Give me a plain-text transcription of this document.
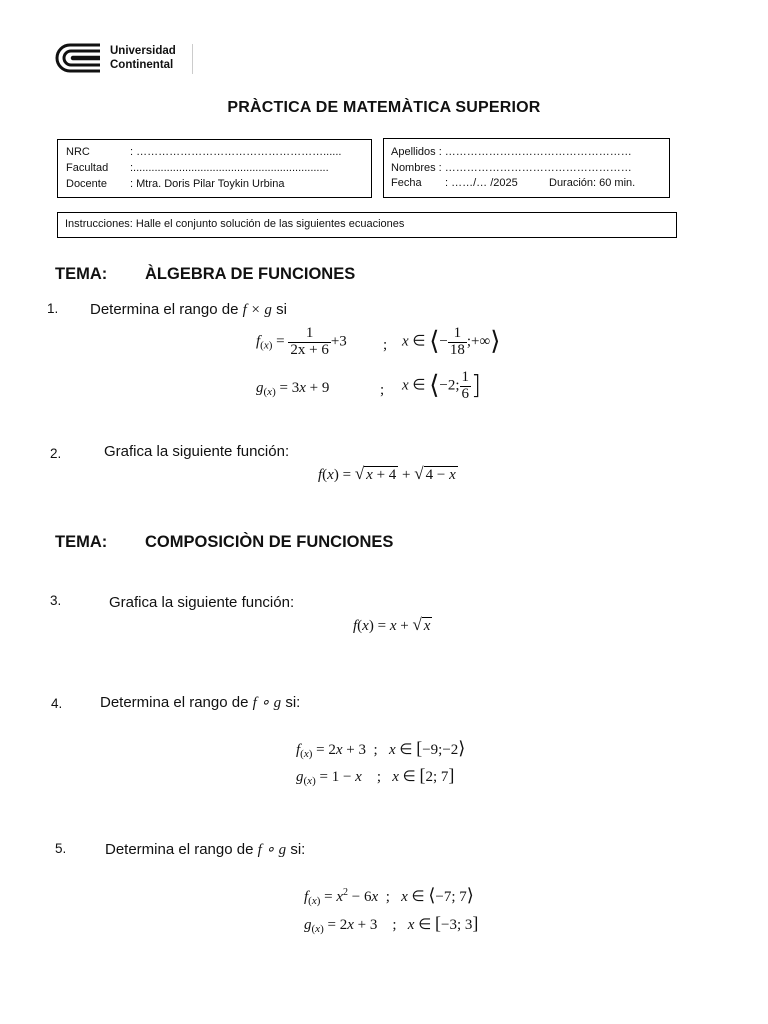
Universidad
Continental
PRÀCTICA DE MATEMÀTICA SUPERIOR
NRC	: ……………………………………………......
Facultad :................................................................
Docente : Mtra. Doris Pilar Toykin Urbina
Apellidos : ……………………………………………
Nombres : ……………………………………………
Fecha : ……/… /2025	Duración: 60 min.
Instrucciones: Halle el conjunto solución de las siguientes ecuaciones
TEMA: ÀLGEBRA DE FUNCIONES
1. Determina el rango de f × g si
$f_{(x)} = \frac{1}{2x + 6} +3$ ; x ∈ ⟨− $\frac{1}{18}$ ;+∞⟩
$g_{(x)} = 3x + 9$	; x ∈ ⟨−2; $\frac{1}{6}$ ]
2.	Grafica la siguiente función:
f(x) = √ x + 4 + √ 4 − x
TEMA: COMPOSICIÒN DE FUNCIONES
3.	Grafica la siguiente función:
f(x) = x + √ x
4.	Determina el rango de f ∘ g si:
$f_{(x)} = 2x + 3$  ;   x ∈ [−9;−2⟩
$g_{(x)} = 1 - x$    ;   x ∈ [2; 7]
5.	Determina el rango de f ∘ g si:
$f_{(x)} = x^2 - 6x$  ;   x ∈ ⟨−7; 7⟩
$g_{(x)} = 2x + 3$    ;   x ∈ [−3; 3]
